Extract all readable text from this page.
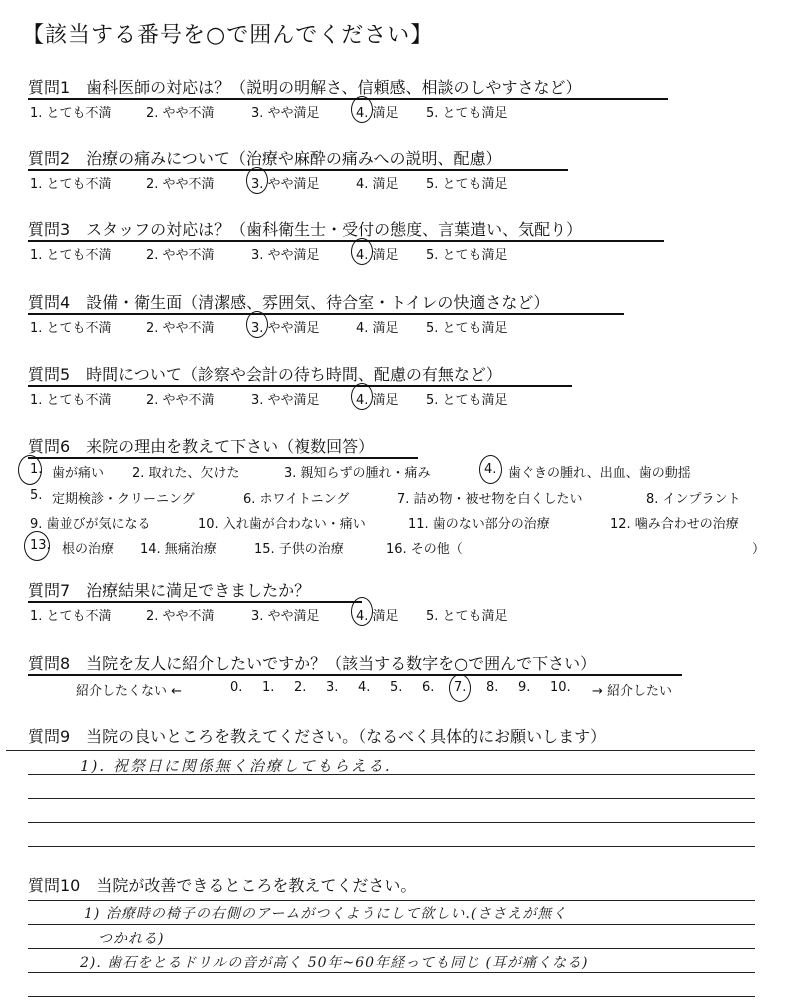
【該当する番号を○で囲んでください】
質問1　歯科医師の対応は？（説明の明解さ、信頼感、相談のしやすさなど）
1. とても不満	2. やや不満	3. やや満足	4. 満足 5. とても満足
質問2　治療の痛みについて（治療や麻酔の痛みへの説明、配慮）
1. とても不満	2. やや不満	3. やや満足	4. 満足 5. とても満足
質問3　スタッフの対応は？（歯科衛生士・受付の態度、言葉遣い、気配り）
1. とても不満	2. やや不満	3. やや満足	4. 満足 5. とても満足
質問4　設備・衛生面（清潔感、雰囲気、待合室・トイレの快適さなど）
1. とても不満	2. やや不満	3. やや満足	4. 満足 5. とても満足
質問5　時間について（診察や会計の待ち時間、配慮の有無など）
1. とても不満	2. やや不満	3. やや満足	4. 満足 5. とても満足
質問6　来院の理由を教えて下さい（複数回答）
1. 歯が痛い 2. 取れた、欠けた	3. 親知らずの腫れ・痛み	4. 歯ぐきの腫れ、出血、歯の動揺
5. 定期検診・クリーニング	6. ホワイトニング	7. 詰め物・被せ物を白くしたい	8. インプラント
9. 歯並びが気になる	10. 入れ歯が合わない・痛い	11. 歯のない部分の治療	12. 噛み合わせの治療
13. 根の治療 14. 無痛治療	15. 子供の治療	16. その他（	）
質問7　治療結果に満足できましたか？
1. とても不満	2. やや不満	3. やや満足	4. 満足 5. とても満足
質問8　当院を友人に紹介したいですか？（該当する数字を○で囲んで下さい）
紹介したくない ←	0. 1. 2. 3. 4. 5. 6. 7. 8. 9. 10. → 紹介したい
質問9　当院の良いところを教えてください。（なるべく具体的にお願いします）
1). 祝祭日に関係無く治療してもらえる.
質問10　当院が改善できるところを教えてください。
1) 治療時の椅子の右側のアームがつくようにして欲しい.(ささえが無く
つかれる)
2). 歯石をとるドリルの音が高く 50年~60年経っても同じ (耳が痛くなる)
